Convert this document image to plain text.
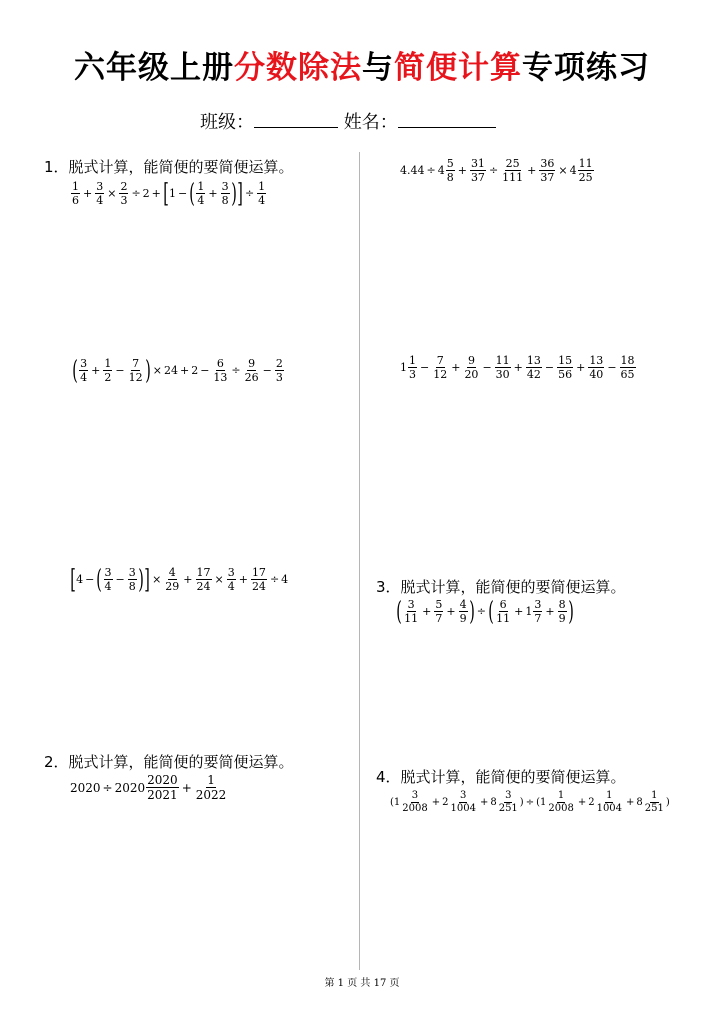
六年级上册分数除法与简便计算专项练习
班级：	姓名：
1．脱式计算，能简便的要简便运算。
$\frac{1}{6} + \frac{3}{4} \times \frac{2}{3} \div 2$ + [ 1 − ( $\frac{1}{4} + \frac{3}{8}$ ) ] ÷ $\frac{1}{4}$
( $\frac{3}{4} + \frac{1}{2} - \frac{7}{12}$ ) × $24 + 2 - \frac{6}{13} \div \frac{9}{26} - \frac{2}{3}$
[ 4 − ( $\frac{3}{4} - \frac{3}{8}$ ) ] × $\frac{4}{29} + \frac{17}{24} \times \frac{3}{4} + \frac{17}{24} \div 4$
2．脱式计算，能简便的要简便运算。
$2020 \div 2020 \frac{2020}{2021} + \frac{1}{2022}$
$4.44 \div 4 \frac{5}{8} + \frac{31}{37} \div \frac{25}{111} + \frac{36}{37} \times 4 \frac{11}{25}$
$1 \frac{1}{3} - \frac{7}{12} + \frac{9}{20} - \frac{11}{30} + \frac{13}{42} - \frac{15}{56} + \frac{13}{40} - \frac{18}{65}$
3．脱式计算，能简便的要简便运算。
( $\frac{3}{11} + \frac{5}{7} + \frac{4}{9}$ ) ÷ ( $\frac{6}{11} + 1 \frac{3}{7} + \frac{8}{9}$ )
4．脱式计算，能简便的要简便运算。
($1 \frac{3}{2008} + 2 \frac{3}{1004} + 8 \frac{3}{251}$ ) ÷ ($1 \frac{1}{2008} + 2 \frac{1}{1004} + 8 \frac{1}{251}$ )
第 1 页 共 17 页
